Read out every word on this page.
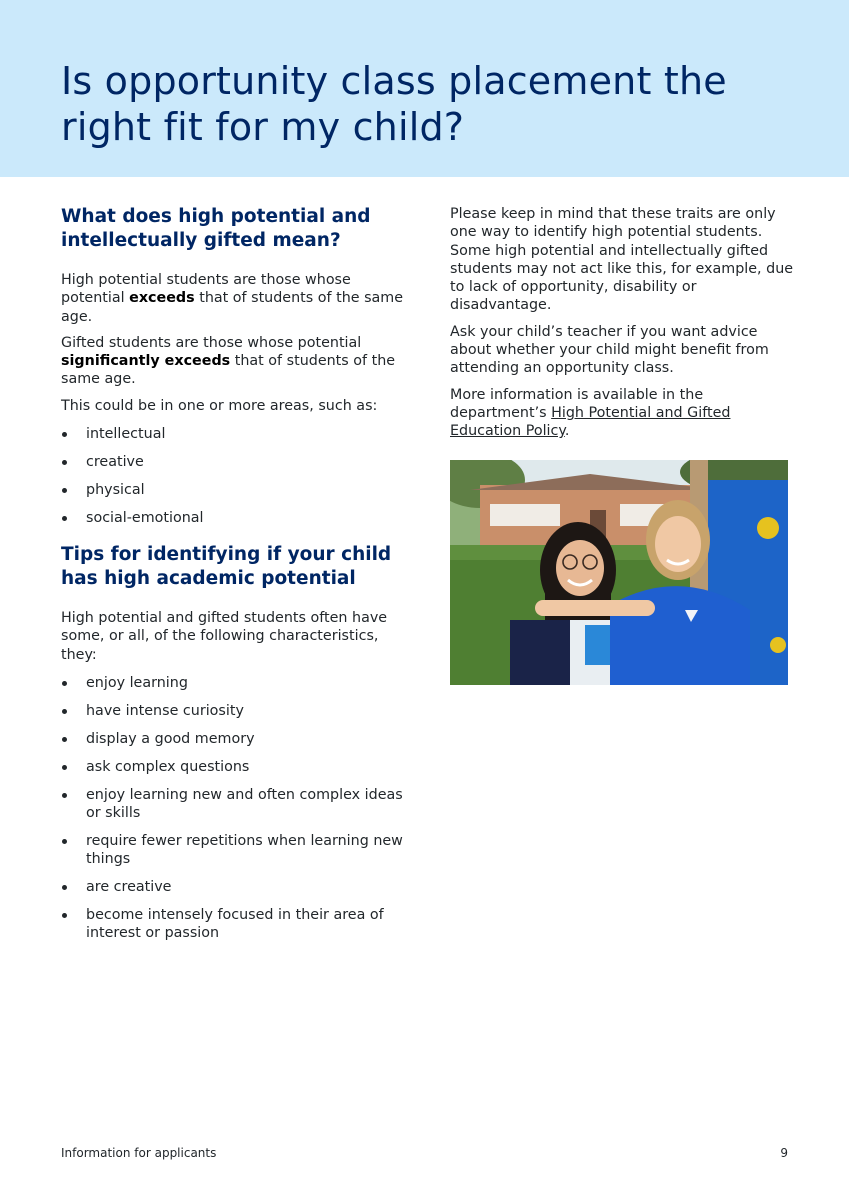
Is opportunity class placement the
right fit for my child?
What does high potential and intellectually gifted mean?

High potential students are those whose potential exceeds that of students of the same age.

Gifted students are those whose potential significantly exceeds that of students of the same age.

This could be in one or more areas, such as:

intellectual
creative
physical
social-emotional
Tips for identifying if your child has high academic potential

High potential and gifted students often have some, or all, of the following characteristics, they:

enjoy learning
have intense curiosity
display a good memory
ask complex questions
enjoy learning new and often complex ideas or skills
require fewer repetitions when learning new things
are creative
become intensely focused in their area of interest or passion

Please keep in mind that these traits are only one way to identify high potential students. Some high potential and intellectually gifted students may not act like this, for example, due to lack of opportunity, disability or disadvantage.

Ask your child’s teacher if you want advice about whether your child might benefit from attending an opportunity class.

More information is available in the department’s High Potential and Gifted Education Policy.

Information for applicants	9
